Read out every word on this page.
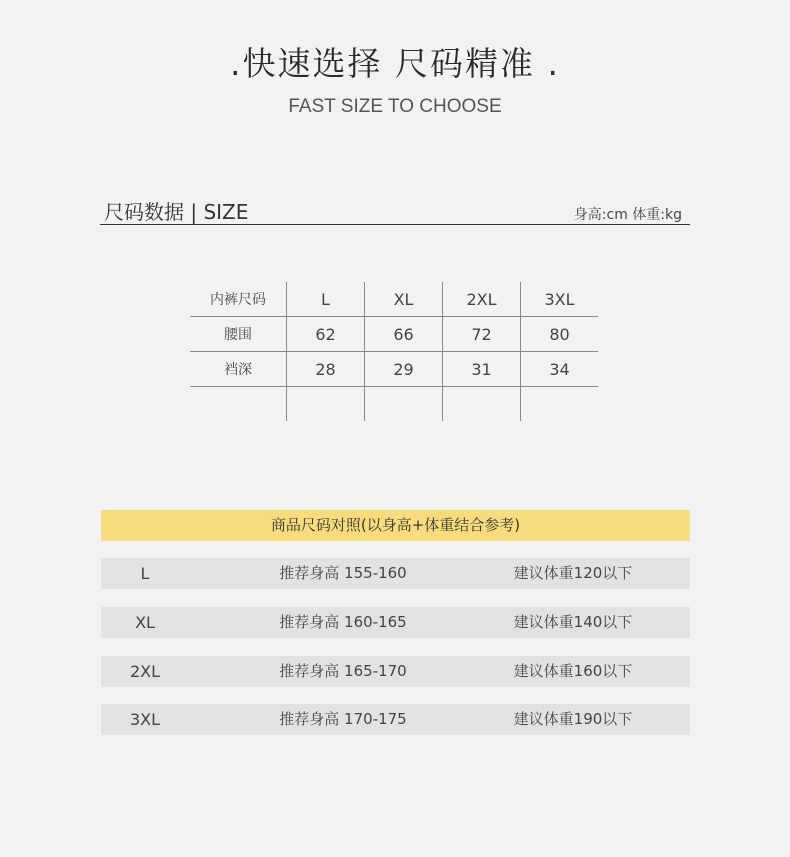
.快速选择 尺码精准 .
FAST SIZE TO CHOOSE
尺码数据 | SIZE	身高:cm 体重:kg
内裤尺码	L	XL	2XL	3XL
腰围	62	66	72	80
裆深	28	29	31	34

商品尺码对照(以身高+体重结合参考)
L	推荐身高 155-160	建议体重120以下
XL	推荐身高 160-165	建议体重140以下
2XL	推荐身高 165-170	建议体重160以下
3XL	推荐身高 170-175	建议体重190以下
